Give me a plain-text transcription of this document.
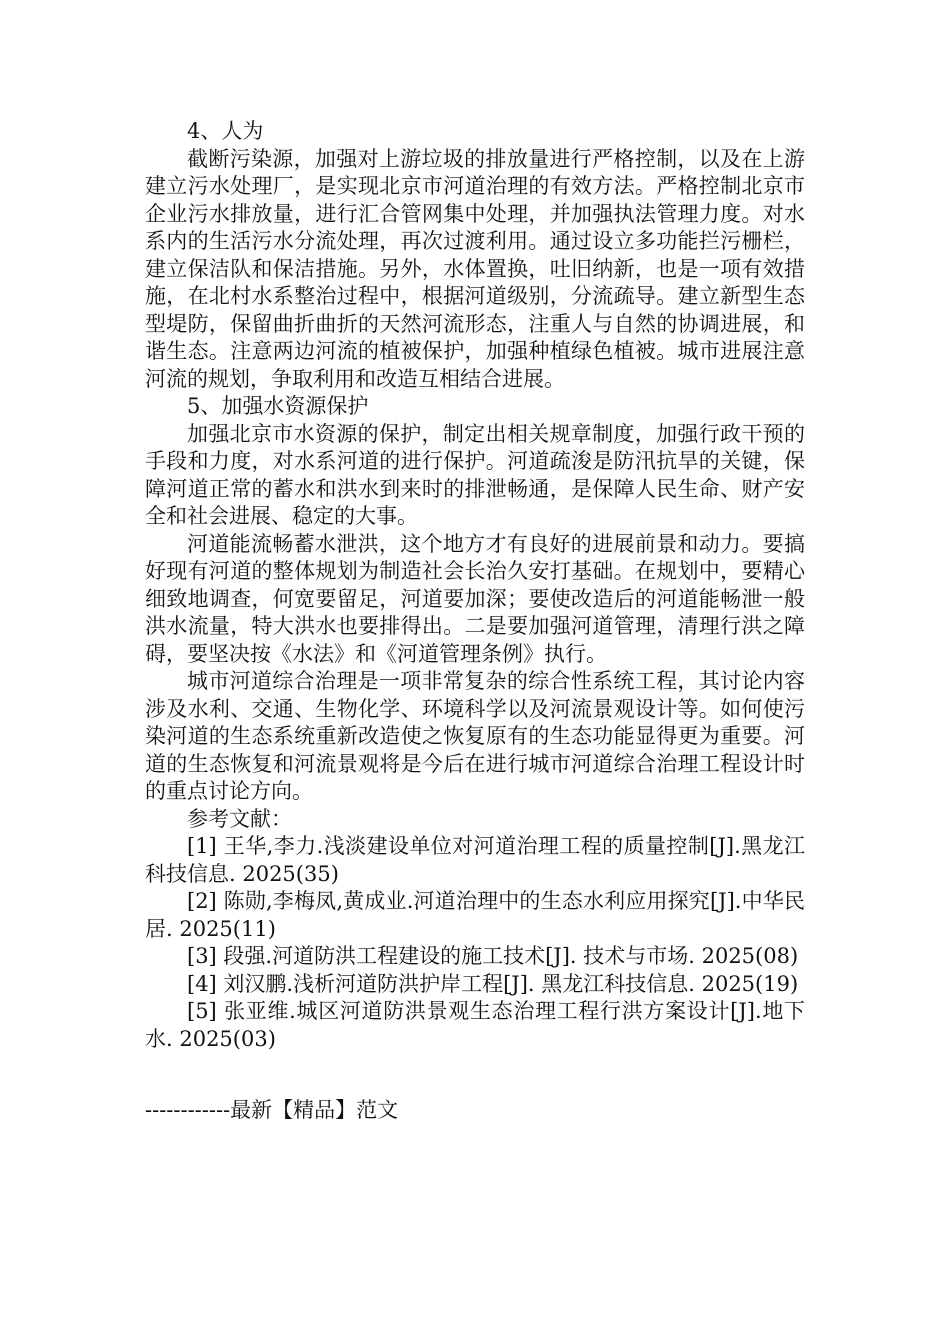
4、人为

截断污染源，加强对上游垃圾的排放量进行严格控制，以及在上游建立污水处理厂，是实现北京市河道治理的有效方法。严格控制北京市企业污水排放量，进行汇合管网集中处理，并加强执法管理力度。对水系内的生活污水分流处理，再次过渡利用。通过设立多功能拦污栅栏，建立保洁队和保洁措施。另外，水体置换，吐旧纳新，也是一项有效措施，在北村水系整治过程中，根据河道级别，分流疏导。建立新型生态型堤防，保留曲折曲折的天然河流形态，注重人与自然的协调进展，和谐生态。注意两边河流的植被保护，加强种植绿色植被。城市进展注意河流的规划，争取利用和改造互相结合进展。

5、加强水资源保护

加强北京市水资源的保护，制定出相关规章制度，加强行政干预的手段和力度，对水系河道的进行保护。河道疏浚是防汛抗旱的关键，保障河道正常的蓄水和洪水到来时的排泄畅通，是保障人民生命、财产安全和社会进展、稳定的大事。

河道能流畅蓄水泄洪，这个地方才有良好的进展前景和动力。要搞好现有河道的整体规划为制造社会长治久安打基础。在规划中，要精心细致地调查，何宽要留足，河道要加深；要使改造后的河道能畅泄一般洪水流量，特大洪水也要排得出。二是要加强河道管理，清理行洪之障碍，要坚决按《水法》和《河道管理条例》执行。

城市河道综合治理是一项非常复杂的综合性系统工程，其讨论内容涉及水利、交通、生物化学、环境科学以及河流景观设计等。如何使污染河道的生态系统重新改造使之恢复原有的生态功能显得更为重要。河道的生态恢复和河流景观将是今后在进行城市河道综合治理工程设计时的重点讨论方向。

参考文献：

[1] 王华,李力.浅淡建设单位对河道治理工程的质量控制[J].黑龙江科技信息. 2025(35)

[2] 陈勋,李梅凤,黄成业.河道治理中的生态水利应用探究[J].中华民居. 2025(11)

[3] 段强.河道防洪工程建设的施工技术[J]. 技术与市场. 2025(08)

[4] 刘汉鹏.浅析河道防洪护岸工程[J]. 黑龙江科技信息. 2025(19)

[5] 张亚维.城区河道防洪景观生态治理工程行洪方案设计[J].地下水. 2025(03)

------------最新【精品】范文
